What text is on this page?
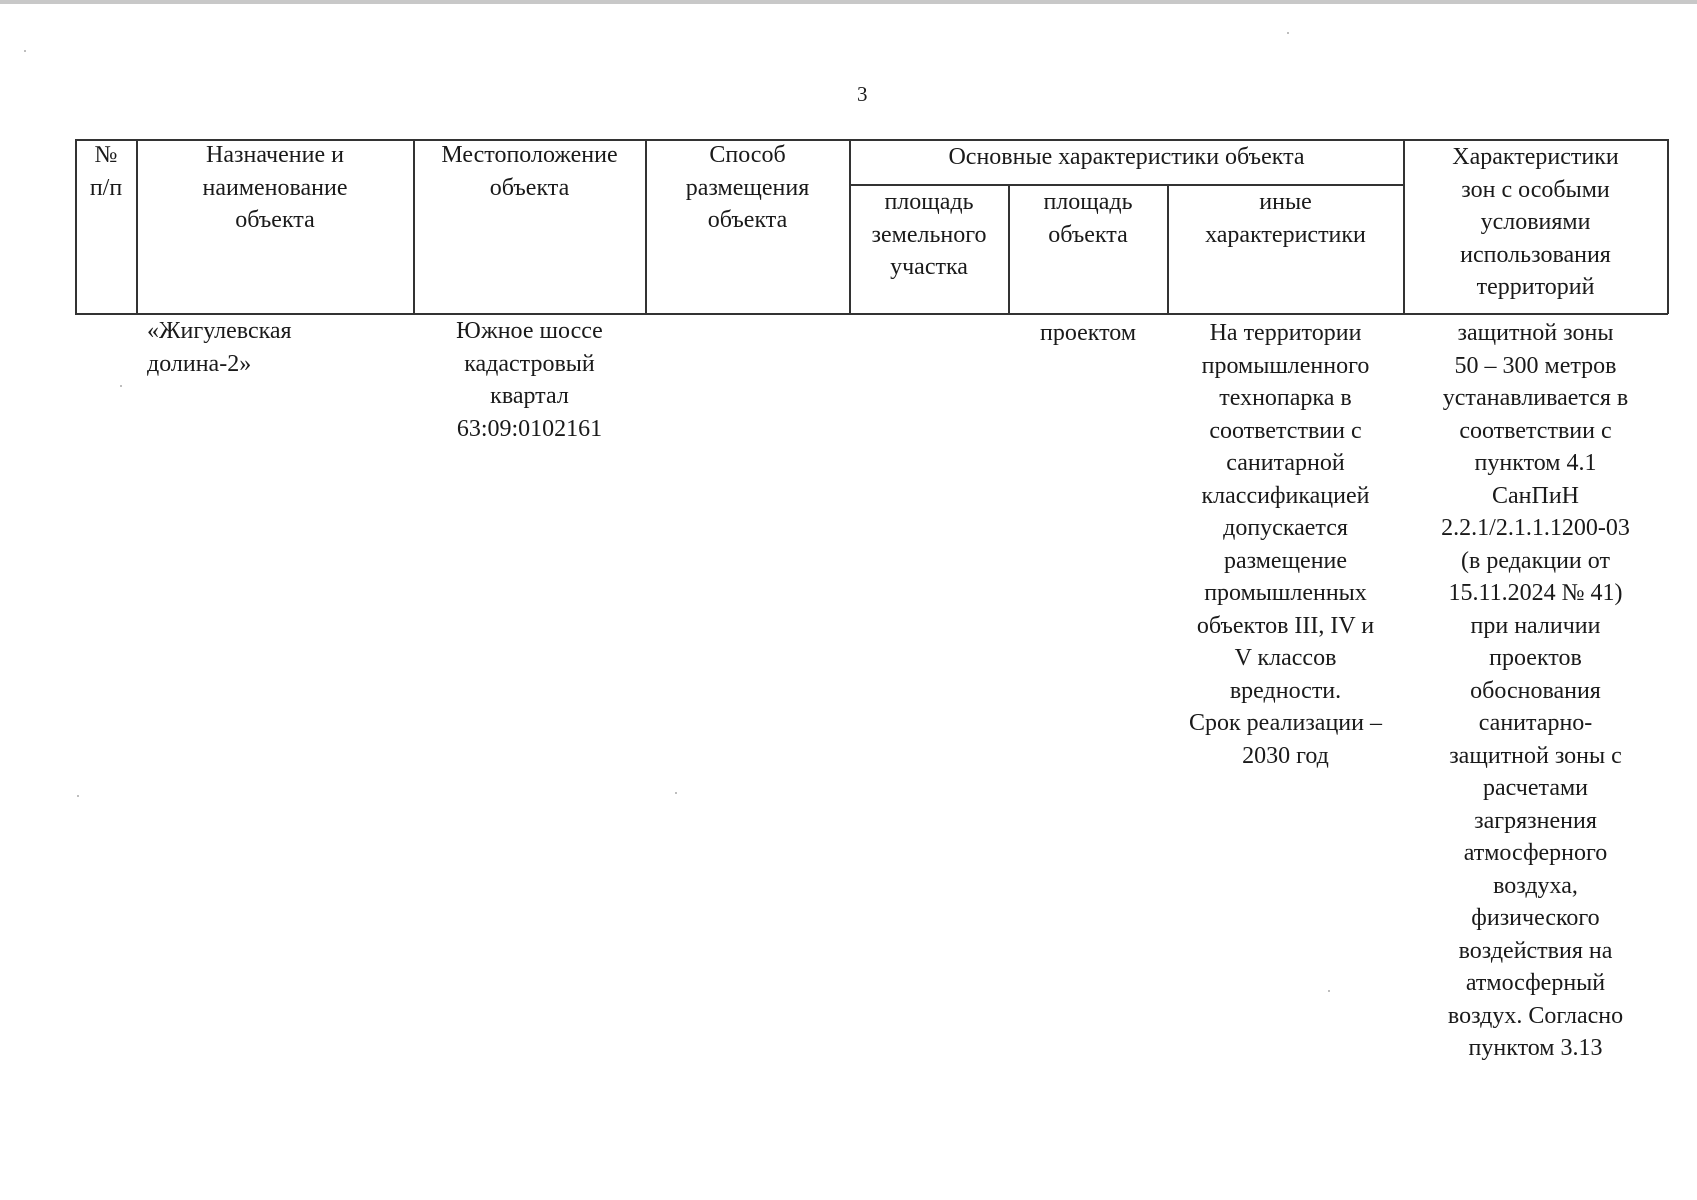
3
№
п/п
Назначение и
наименование
объекта
Местоположение
объекта
Способ
размещения
объекта
Основные характеристики объекта
площадь
земельного
участка
площадь
объекта
иные
характеристики
Характеристики
зон с особыми
условиями
использования
территорий
«Жигулевская
долина-2»
Южное шоссе
кадастровый
квартал
63:09:0102161
проектом	На территории
промышленного
технопарка в
соответствии с
санитарной
классификацией
допускается
размещение
промышленных
объектов III, IV и
V классов
вредности.
Срок реализации –
2030 год
защитной зоны
50 – 300 метров
устанавливается в
соответствии с
пунктом 4.1
СанПиН
2.2.1/2.1.1.1200-03
(в редакции от
15.11.2024 № 41)
при наличии
проектов
обоснования
санитарно-
защитной зоны с
расчетами
загрязнения
атмосферного
воздуха,
физического
воздействия на
атмосферный
воздух. Согласно
пунктом 3.13
